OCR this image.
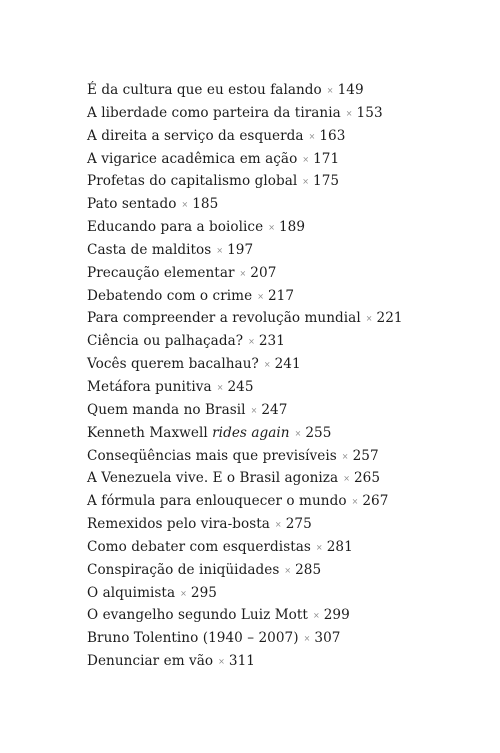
É da cultura que eu estou falando × 149
A liberdade como parteira da tirania × 153
A direita a serviço da esquerda × 163
A vigarice acadêmica em ação × 171
Profetas do capitalismo global × 175
Pato sentado × 185
Educando para a boiolice × 189
Casta de malditos × 197
Precaução elementar × 207
Debatendo com o crime × 217
Para compreender a revolução mundial × 221
Ciência ou palhaçada? × 231
Vocês querem bacalhau? × 241
Metáfora punitiva × 245
Quem manda no Brasil × 247
Kenneth Maxwell rides again × 255
Conseqüências mais que previsíveis × 257
A Venezuela vive. E o Brasil agoniza × 265
A fórmula para enlouquecer o mundo × 267
Remexidos pelo vira-bosta × 275
Como debater com esquerdistas × 281
Conspiração de iniqüidades × 285
O alquimista × 295
O evangelho segundo Luiz Mott × 299
Bruno Tolentino (1940 – 2007) × 307
Denunciar em vão × 311
